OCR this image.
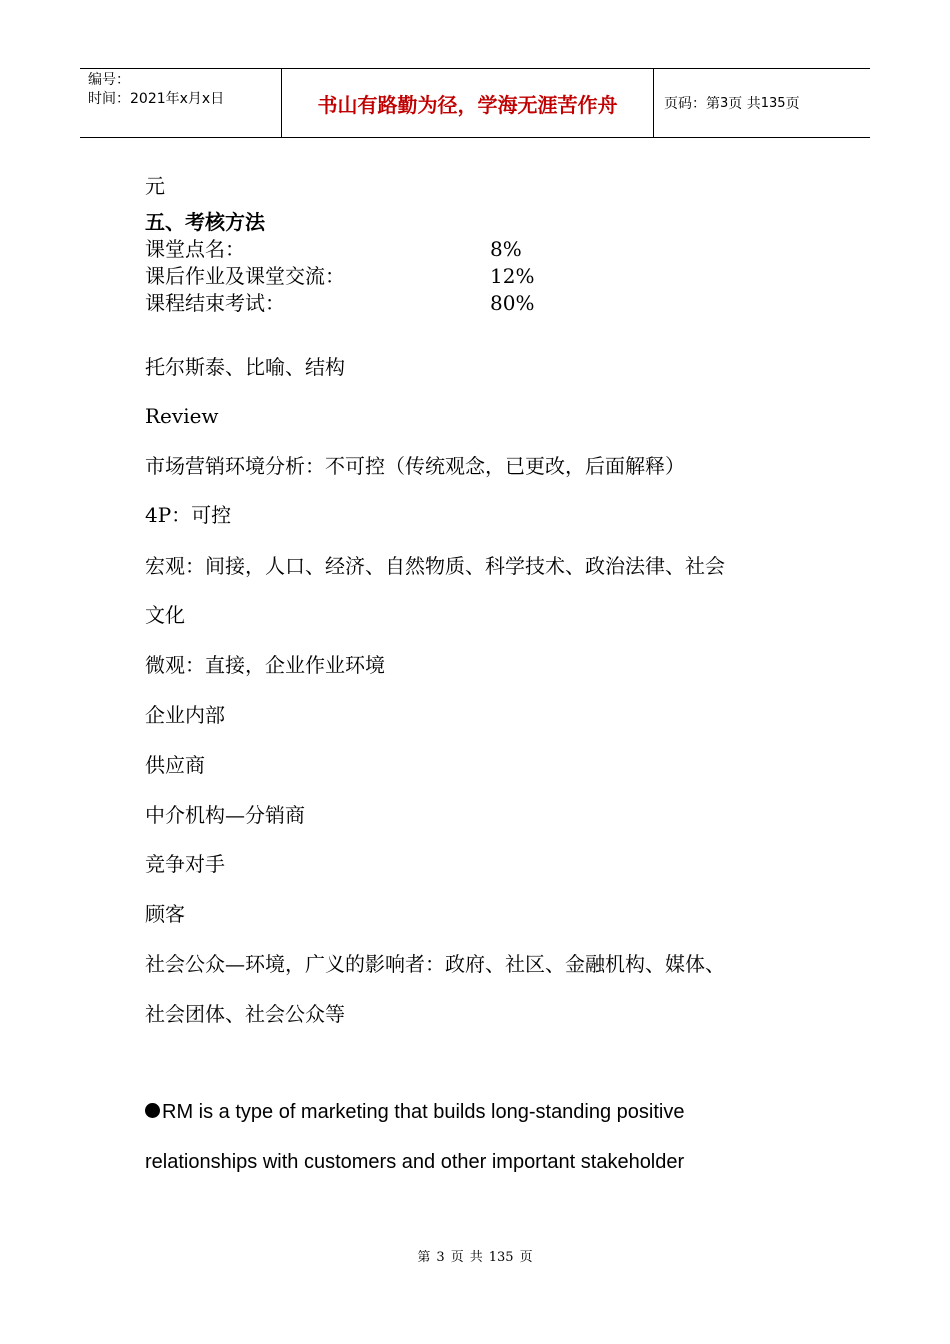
编号：
时间：2021年x月x日	书山有路勤为径，学海无涯苦作舟	页码：第 3 页 共 135 页
元
五、考核方法
课堂点名：	8%
课后作业及课堂交流：	12%
课程结束考试：	80%
托尔斯泰、比喻、结构
Review
市场营销环境分析：不可控（传统观念，已更改，后面解释）
4P：可控
宏观：间接，人口、经济、自然物质、科学技术、政治法律、社会
文化
微观：直接，企业作业环境
企业内部
供应商
中介机构—分销商
竞争对手
顾客
社会公众—环境，广义的影响者：政府、社区、金融机构、媒体、
社会团体、社会公众等
RM is a type of marketing that builds long-standing positive
relationships with customers and other important stakeholder
第 3 页 共 135 页
